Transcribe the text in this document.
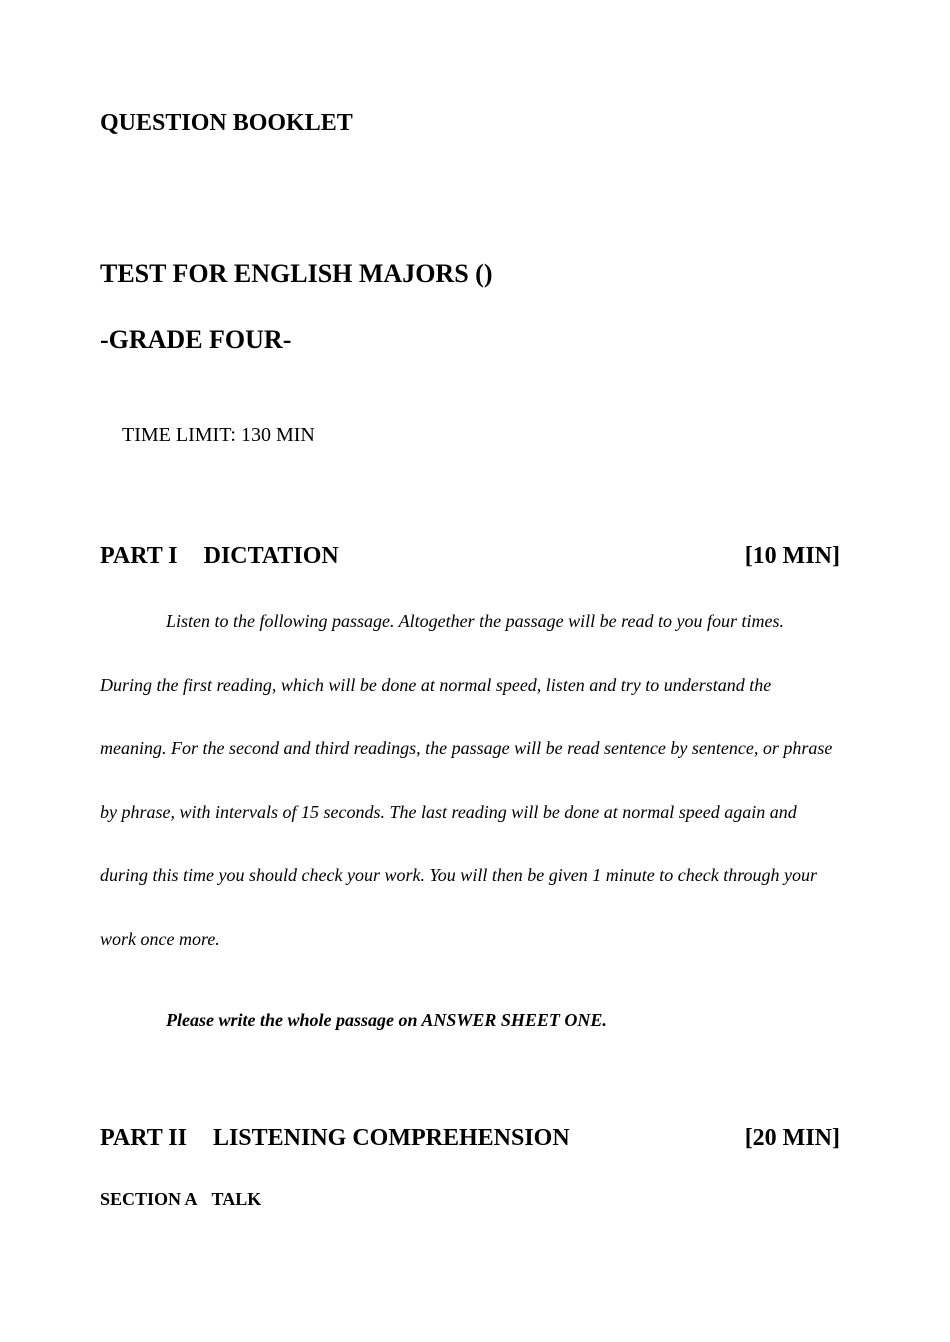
QUESTION BOOKLET
TEST FOR ENGLISH MAJORS ()
-GRADE FOUR-
TIME LIMIT: 130 MIN
PART I DICTATION	[10 MIN]
Listen to the following passage. Altogether the passage will be read to you four times.
During the first reading, which will be done at normal speed, listen and try to understand the
meaning. For the second and third readings, the passage will be read sentence by sentence, or phrase
by phrase, with intervals of 15 seconds. The last reading will be done at normal speed again and
during this time you should check your work. You will then be given 1 minute to check through your
work once more.
Please write the whole passage on ANSWER SHEET ONE.
PART II LISTENING COMPREHENSION	[20 MIN]
SECTION A TALK
